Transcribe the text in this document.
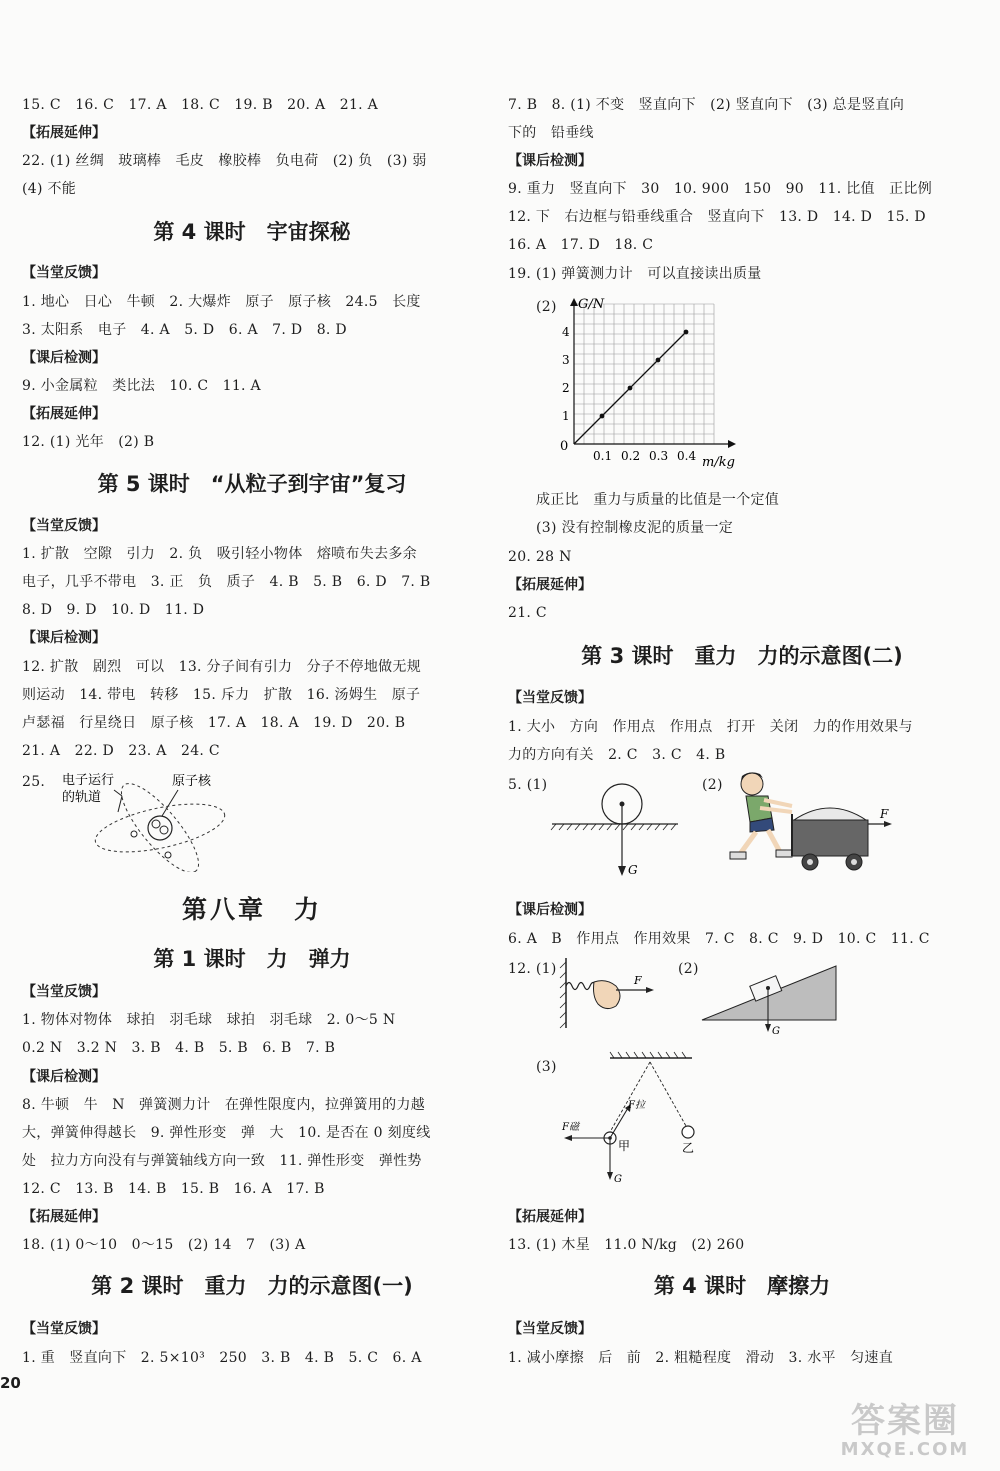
15. C　16. C　17. A　18. C　19. B　20. A　21. A
【拓展延伸】
22. (1) 丝绸　玻璃棒　毛皮　橡胶棒　负电荷　(2) 负　(3) 弱
(4) 不能
第 4 课时　宇宙探秘
【当堂反馈】
1. 地心　日心　牛顿　2. 大爆炸　原子　原子核　24.5　长度
3. 太阳系　电子　4. A　5. D　6. A　7. D　8. D
【课后检测】
9. 小金属粒　类比法　10. C　11. A
【拓展延伸】
12. (1) 光年　(2) B
第 5 课时　“从粒子到宇宙”复习
【当堂反馈】
1. 扩散　空隙　引力　2. 负　吸引轻小物体　熔喷布失去多余
电子，几乎不带电　3. 正　负　质子　4. B　5. B　6. D　7. B
8. D　9. D　10. D　11. D
【课后检测】
12. 扩散　剧烈　可以　13. 分子间有引力　分子不停地做无规
则运动　14. 带电　转移　15. 斥力　扩散　16. 汤姆生　原子
卢瑟福　行星绕日　原子核　17. A　18. A　19. D　20. B
21. A　22. D　23. A　24. C
25. 电子运行
的轨道
原子核
第八章　力
第 1 课时　力　弹力
【当堂反馈】
1. 物体对物体　球拍　羽毛球　球拍　羽毛球　2. 0～5 N
0.2 N　3.2 N　3. B　4. B　5. B　6. B　7. B
【课后检测】
8. 牛顿　牛　N　弹簧测力计　在弹性限度内，拉弹簧用的力越
大，弹簧伸得越长　9. 弹性形变　弹　大　10. 是否在 0 刻度线
处　拉力方向没有与弹簧轴线方向一致　11. 弹性形变　弹性势
12. C　13. B　14. B　15. B　16. A　17. B
【拓展延伸】
18. (1) 0～10　0～15　(2) 14　7　(3) A
第 2 课时　重力　力的示意图(一)
【当堂反馈】
1. 重　竖直向下　2. 5×10³　250　3. B　4. B　5. C　6. A
7. B　8. (1) 不变　竖直向下　(2) 竖直向下　(3) 总是竖直向
下的　铅垂线
【课后检测】
9. 重力　竖直向下　30　10. 900　150　90　11. 比值　正比例
12. 下　右边框与铅垂线重合　竖直向下　13. D　14. D　15. D
16. A　17. D　18. C
19. (1) 弹簧测力计　可以直接读出质量
(2) G/N
m/kg
0
0.1 0.2 0.3 0.4
1
2
3
4
成正比　重力与质量的比值是一个定值
(3) 没有控制橡皮泥的质量一定
20. 28 N
【拓展延伸】
21. C
第 3 课时　重力　力的示意图(二)
【当堂反馈】
1. 大小　方向　作用点　作用点　打开　关闭　力的作用效果与
力的方向有关　2. C　3. C　4. B
5. (1)	(2)
G
F
【课后检测】
6. A　B　作用点　作用效果　7. C　8. C　9. D　10. C　11. C
12. (1)	(2)
F
G
(3)
F拉
F磁
G
甲	乙
【拓展延伸】
13. (1) 木星　11.0 N/kg　(2) 260
第 4 课时　摩擦力
【当堂反馈】
1. 减小摩擦　后　前　2. 粗糙程度　滑动　3. 水平　匀速直
20
答案圈
MXQE.COM
